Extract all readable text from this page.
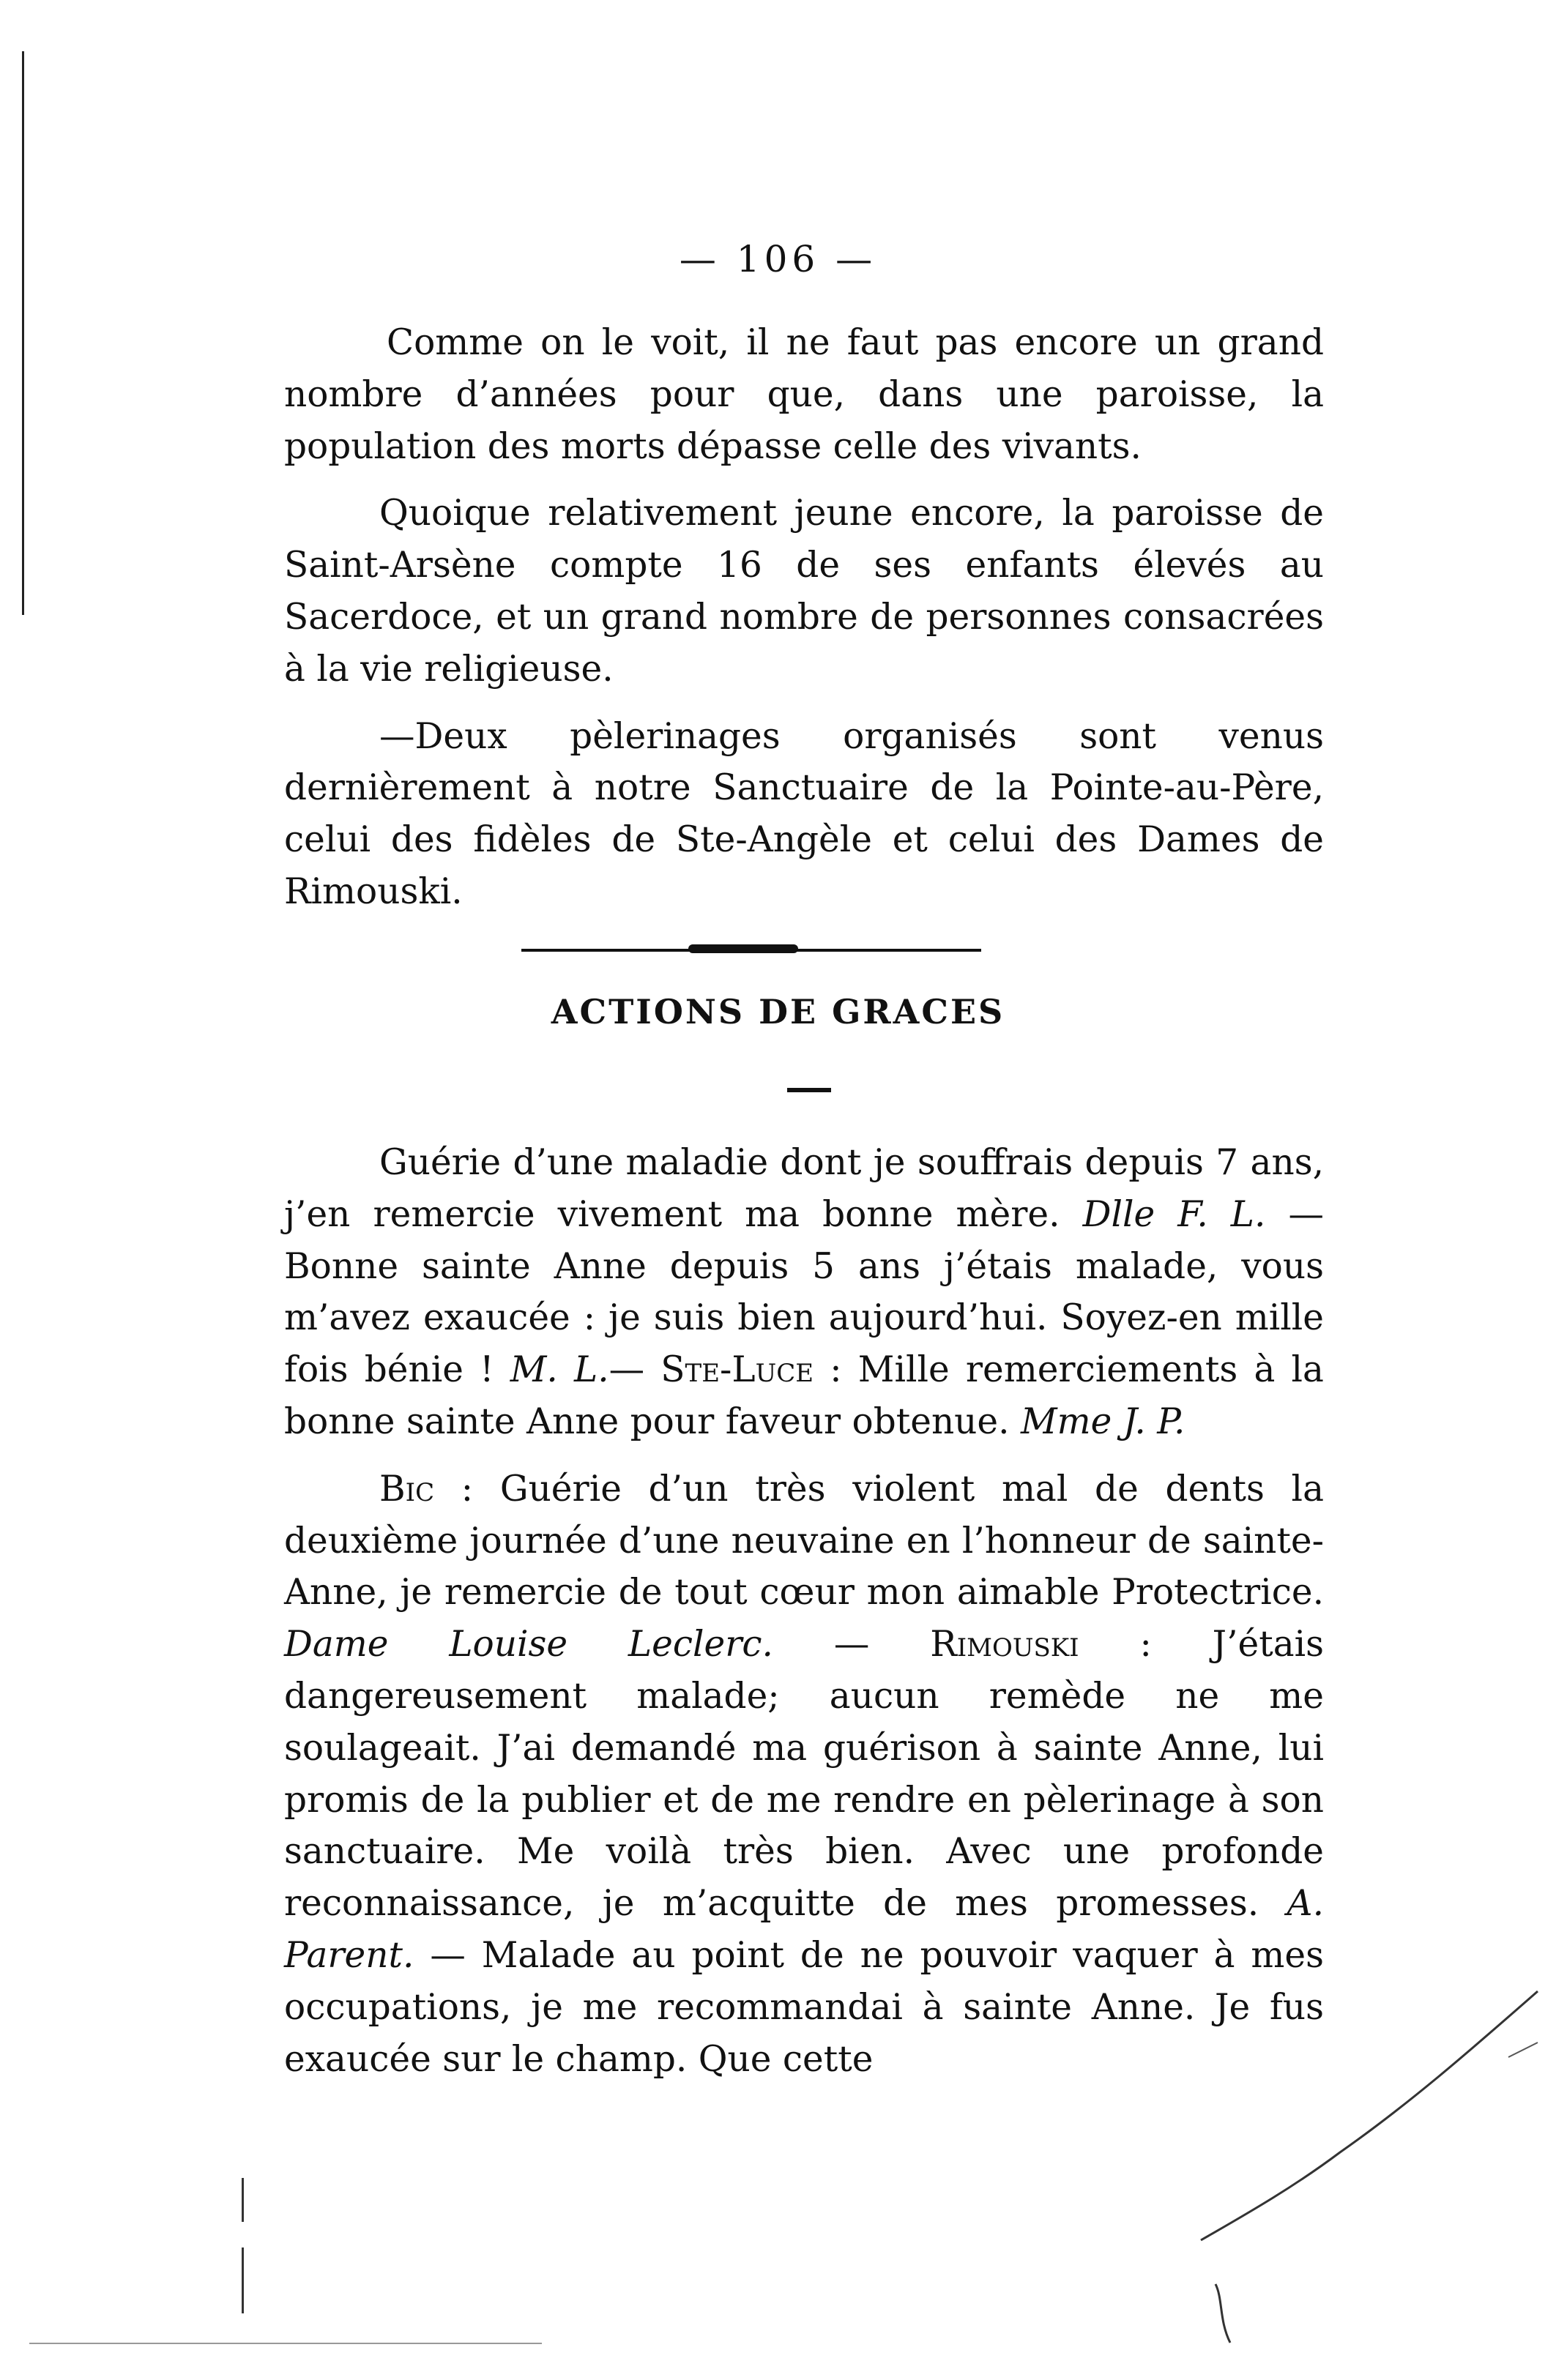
— 106 —

Comme on le voit, il ne faut pas encore un grand nombre d’années pour que, dans une paroisse, la population des morts dépasse celle des vivants.

Quoique relativement jeune encore, la paroisse de Saint-Arsène compte 16 de ses enfants élevés au Sacerdoce, et un grand nombre de personnes consacrées à la vie religieuse.

—Deux pèlerinages organisés sont venus dernièrement à notre Sanctuaire de la Pointe-au-Père, celui des fidèles de Ste-Angèle et celui des Dames de Rimouski.

ACTIONS DE GRACES

Guérie d’une maladie dont je souffrais depuis 7 ans, j’en remercie vivement ma bonne mère. Dlle F. L. — Bonne sainte Anne depuis 5 ans j’étais malade, vous m’avez exaucée : je suis bien aujourd’hui. Soyez-en mille fois bénie ! M. L.— Ste-Luce : Mille remerciements à la bonne sainte Anne pour faveur obtenue. Mme J. P.

Bic : Guérie d’un très violent mal de dents la deuxième journée d’une neuvaine en l’honneur de sainte-Anne, je remercie de tout cœur mon aimable Protectrice. Dame Louise Leclerc. — Rimouski : J’étais dangereusement malade; aucun remède ne me soulageait. J’ai demandé ma guérison à sainte Anne, lui promis de la publier et de me rendre en pèlerinage à son sanctuaire. Me voilà très bien. Avec une profonde reconnaissance, je m’acquitte de mes promesses. A. Parent. — Malade au point de ne pouvoir vaquer à mes occupations, je me recommandai à sainte Anne. Je fus exaucée sur le champ. Que cette
